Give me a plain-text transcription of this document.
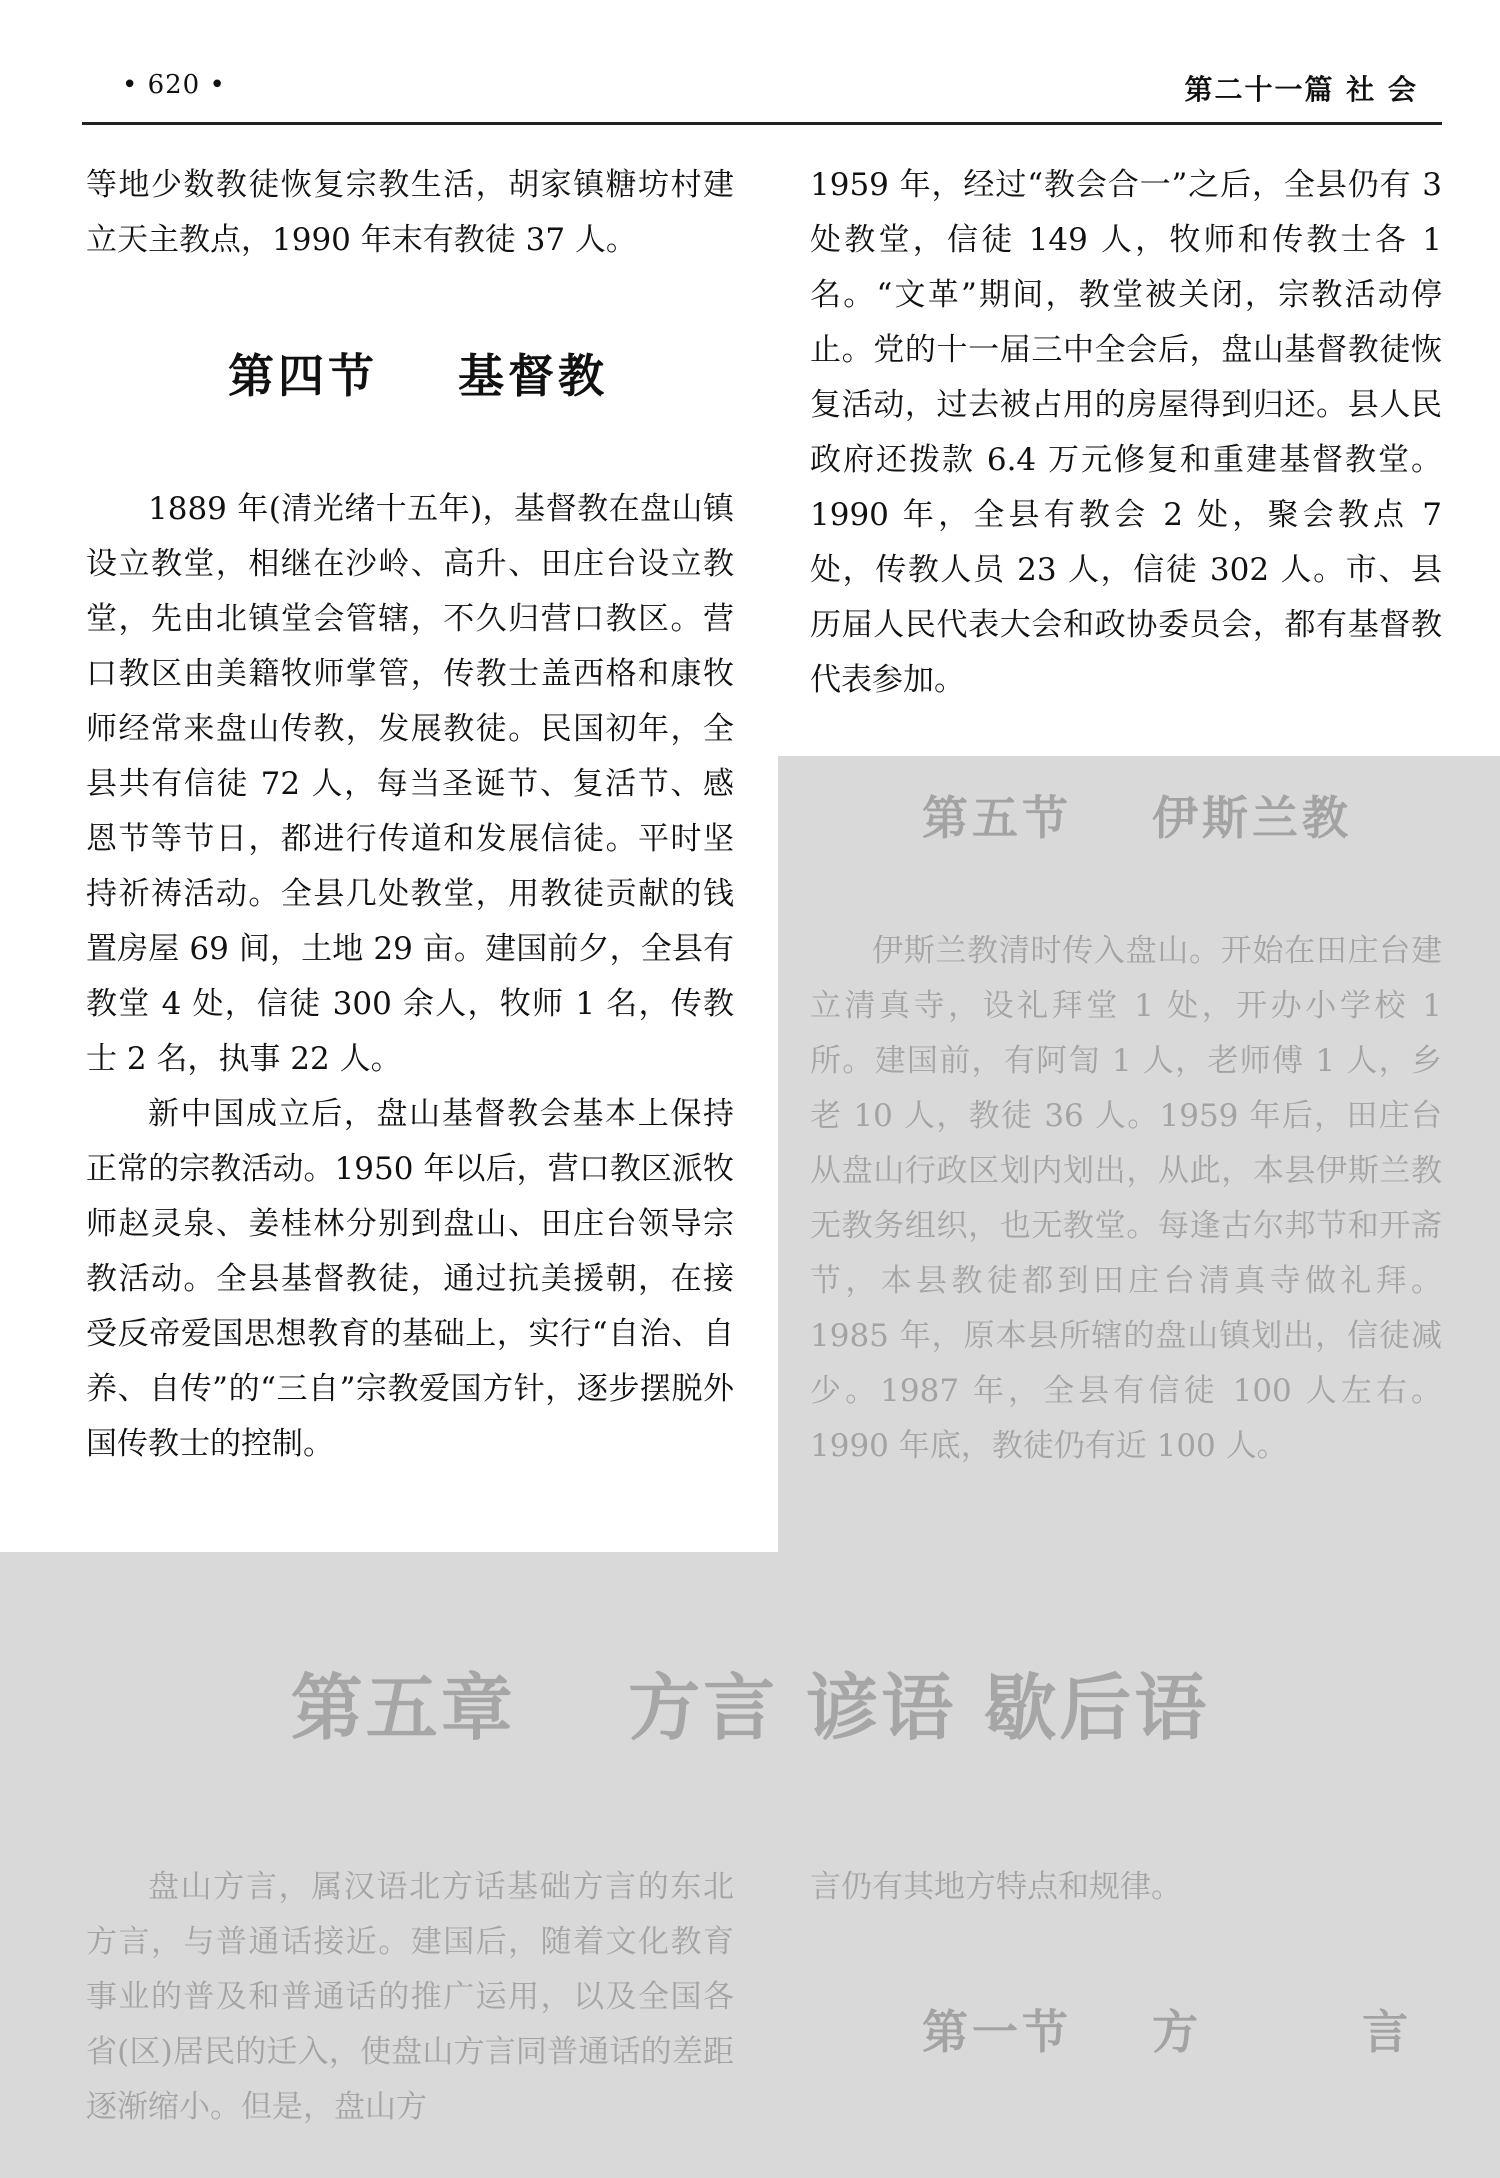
• 620 •	第二十一篇 社 会

等地少数教徒恢复宗教生活，胡家镇糖坊村建立天主教点，1990 年末有教徒 37 人。

第四节    基督教

1889 年(清光绪十五年)，基督教在盘山镇设立教堂，相继在沙岭、高升、田庄台设立教堂，先由北镇堂会管辖，不久归营口教区。营口教区由美籍牧师掌管，传教士盖西格和康牧师经常来盘山传教，发展教徒。民国初年，全县共有信徒 72 人，每当圣诞节、复活节、感恩节等节日，都进行传道和发展信徒。平时坚持祈祷活动。全县几处教堂，用教徒贡献的钱置房屋 69 间，土地 29 亩。建国前夕，全县有教堂 4 处，信徒 300 余人，牧师 1 名，传教士 2 名，执事 22 人。

新中国成立后，盘山基督教会基本上保持正常的宗教活动。1950 年以后，营口教区派牧师赵灵泉、姜桂林分别到盘山、田庄台领导宗教活动。全县基督教徒，通过抗美援朝，在接受反帝爱国思想教育的基础上，实行“自治、自养、自传”的“三自”宗教爱国方针，逐步摆脱外国传教士的控制。

1959 年，经过“教会合一”之后，全县仍有 3 处教堂，信徒 149 人，牧师和传教士各 1 名。“文革”期间，教堂被关闭，宗教活动停止。党的十一届三中全会后，盘山基督教徒恢复活动，过去被占用的房屋得到归还。县人民政府还拨款 6.4 万元修复和重建基督教堂。1990 年，全县有教会 2 处，聚会教点 7 处，传教人员 23 人，信徒 302 人。市、县历届人民代表大会和政协委员会，都有基督教代表参加。

第五节    伊斯兰教

伊斯兰教清时传入盘山。开始在田庄台建立清真寺，设礼拜堂 1 处，开办小学校 1 所。建国前，有阿訇 1 人，老师傅 1 人，乡老 10 人，教徒 36 人。1959 年后，田庄台从盘山行政区划内划出，从此，本县伊斯兰教无教务组织，也无教堂。每逢古尔邦节和开斋节，本县教徒都到田庄台清真寺做礼拜。1985 年，原本县所辖的盘山镇划出，信徒减少。1987 年，全县有信徒 100 人左右。1990 年底，教徒仍有近 100 人。

第五章    方言 谚语 歇后语

盘山方言，属汉语北方话基础方言的东北方言，与普通话接近。建国后，随着文化教育事业的普及和普通话的推广运用，以及全国各省(区)居民的迁入，使盘山方言同普通话的差距逐渐缩小。但是，盘山方

言仍有其地方特点和规律。

第一节    方        言
